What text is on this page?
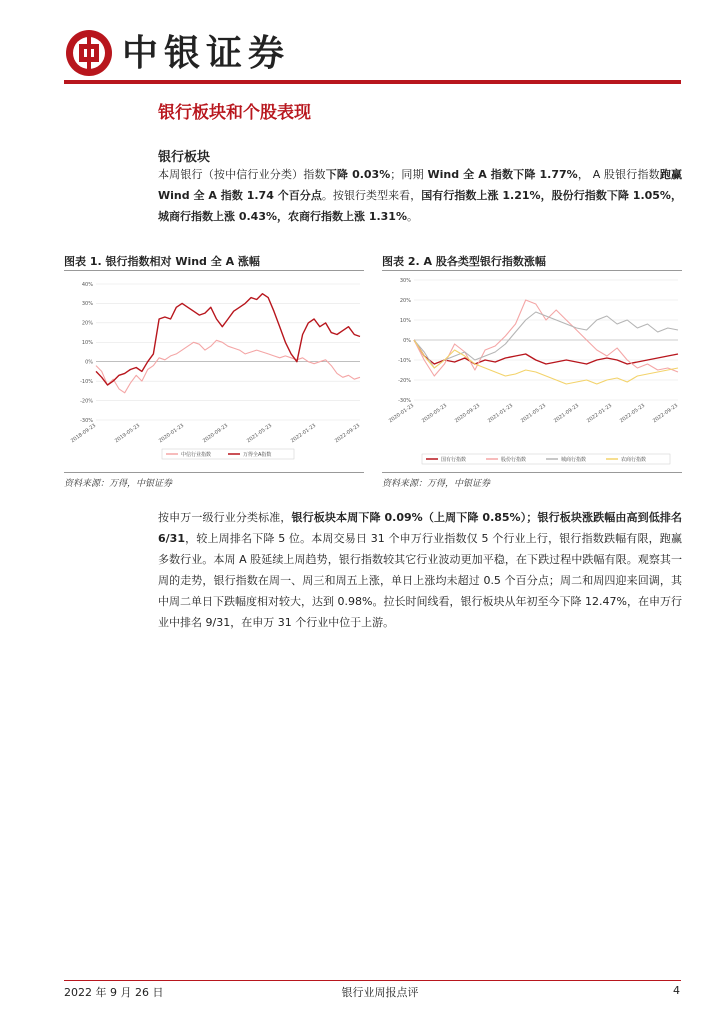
中银证券
银行板块和个股表现
银行板块
本周银行（按中信行业分类）指数下降 0.03%；同期 Wind 全 A 指数下降 1.77%， A 股银行指数跑赢 Wind 全 A 指数 1.74 个百分点。按银行类型来看，国有行指数上涨 1.21%，股份行指数下降 1.05%，城商行指数上涨 0.43%，农商行指数上涨 1.31%。
图表 1. 银行指数相对 Wind 全 A 涨幅
40%
30%
20%
10%
0%
-10%
-20%
-30%
2018-09-23	2019-05-23	2020-01-23	2020-09-23	2021-05-23	2022-01-23	2022-09-23
中信行业指数	万得全A指数
资料来源：万得，中银证券
图表 2. A 股各类型银行指数涨幅
30%
20%
10%
0%
-10%
-20%
-30%
2020-01-23 2020-05-23 2020-09-23 2021-01-23 2021-05-23 2021-09-23 2022-01-23 2022-05-23 2022-09-23
国有行指数	股份行指数	城商行指数	农商行指数
资料来源：万得，中银证券
按申万一级行业分类标准，银行板块本周下降 0.09%（上周下降 0.85%）；银行板块涨跌幅由高到低排名 6/31，较上周排名下降 5 位。本周交易日 31 个申万行业指数仅 5 个行业上行，银行指数跌幅有限，跑赢多数行业。本周 A 股延续上周趋势，银行指数较其它行业波动更加平稳，在下跌过程中跌幅有限。观察其一周的走势，银行指数在周一、周三和周五上涨，单日上涨均未超过 0.5 个百分点；周二和周四迎来回调，其中周二单日下跌幅度相对较大，达到 0.98%。拉长时间线看，银行板块从年初至今下降 12.47%，在申万行业中排名 9/31，在申万 31 个行业中位于上游。
2022 年 9 月 26 日	银行业周报点评	4
